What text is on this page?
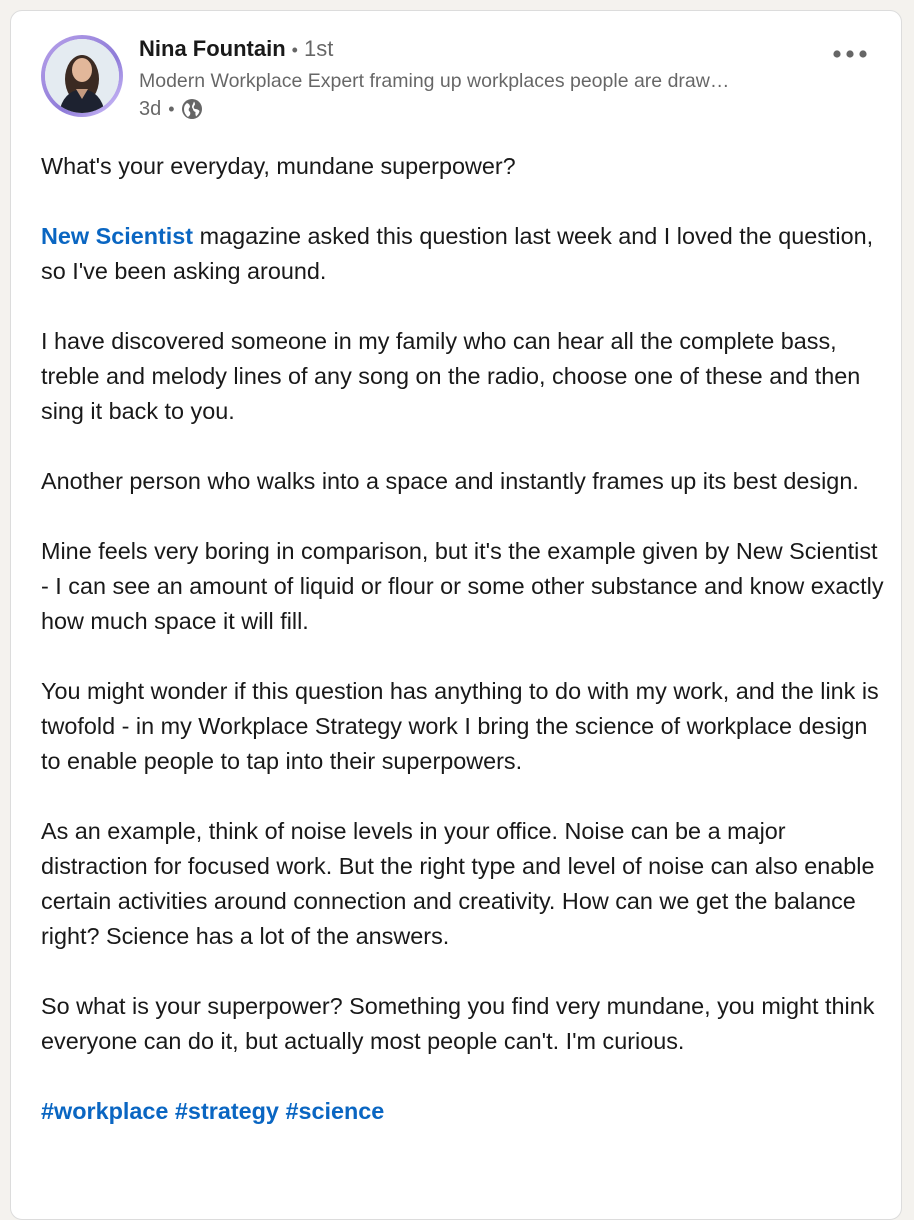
Nina Fountain • 1st
Modern Workplace Expert framing up workplaces people are draw…
3d •

What's your everyday, mundane superpower?

New Scientist magazine asked this question last week and I loved the question, so I've been asking around.

I have discovered someone in my family who can hear all the complete bass, treble and melody lines of any song on the radio, choose one of these and then sing it back to you.

Another person who walks into a space and instantly frames up its best design.

Mine feels very boring in comparison, but it's the example given by New Scientist - I can see an amount of liquid or flour or some other substance and know exactly how much space it will fill.

You might wonder if this question has anything to do with my work, and the link is twofold - in my Workplace Strategy work I bring the science of workplace design to enable people to tap into their superpowers.

As an example, think of noise levels in your office. Noise can be a major distraction for focused work. But the right type and level of noise can also enable certain activities around connection and creativity. How can we get the balance right? Science has a lot of the answers.

So what is your superpower? Something you find very mundane, you might think everyone can do it, but actually most people can't. I'm curious.

#workplace #strategy #science
